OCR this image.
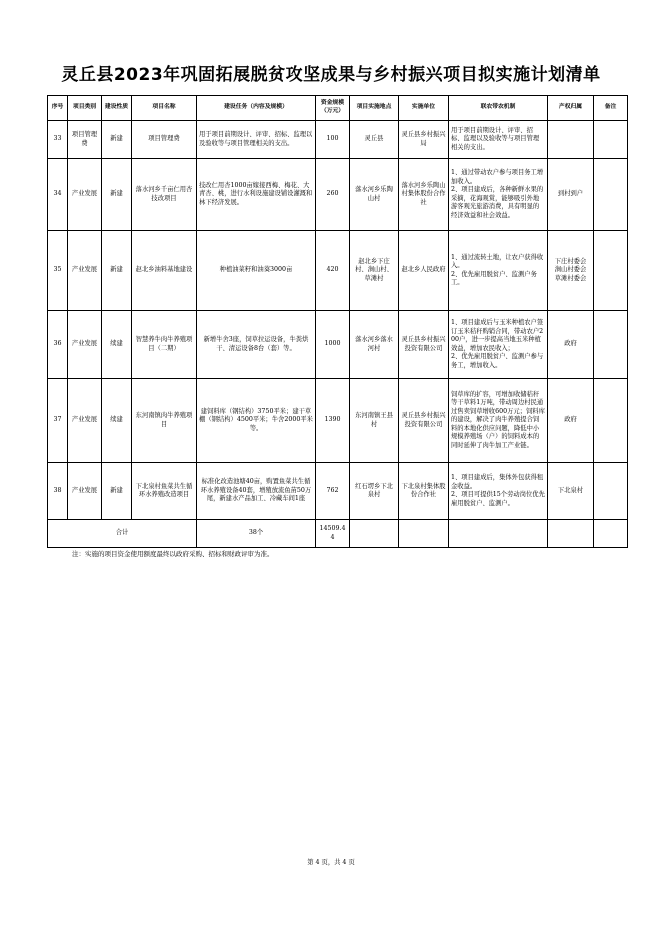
灵丘县2023年巩固拓展脱贫攻坚成果与乡村振兴项目拟实施计划清单
序号	项目类别	建设性质	项目名称	建设任务（内容及规模）	资金规模（万元）	项目实施地点	实施单位	联农带农机制	产权归属	备注
33	项目管理费	新建	项目管理费	用于项目前期设计、评审、招标、监理以及验收等与项目管理相关的支出。	100	灵丘县	灵丘县乡村振兴局	用于项目前期设计、评审、招标、监理以及验收等与项目管理相关的支出。		
34	产业发展	新建	落水河乡千亩仁用杏技改项目	技改仁用杏1000亩嫁接西梅、梅花、大青杏、桃，进行水利设施建设铺设灌溉和林下经济发展。	260	落水河乡乐陶山村	落水河乡乐陶山村集体股份合作社	1、通过带动农户参与项目务工增加收入。
2、项目建成后，各种新鲜水果的采摘，花海观赏，能够吸引外地游客观光旅游消费，具有明显的经济效益和社会效益。	到村到户	
35	产业发展	新建	赵北乡油料基地建设	种植油菜籽和油葵3000亩	420	赵北乡下庄村、涧山村、草滩村	赵北乡人民政府	1、通过流转土地，让农户获得收入。
2、优先雇用脱贫户、监测户务工。	下庄村委会
涧山村委会
草滩村委会	
36	产业发展	续建	智慧养牛肉牛养殖项目（二期）	新增牛舍3座，饲草拉运设备，牛粪烘干、清运设备8台（套）等。	1000	落水河乡落水河村	灵丘县乡村振兴投资有限公司	1、项目建成后与玉米种植农户签订玉米秸秆购销合同，带动农户200户，进一步提高当地玉米种植效益，增加农民收入；
2、优先雇用脱贫户、监测户参与务工，增加收入。	政府	
37	产业发展	续建	东河南镇肉牛养殖项目	建饲料库（钢结构）3750平米；建干草棚（钢结构）4500平米；牛舍2000平米等。	1390	东河南镇王县村	灵丘县乡村振兴投资有限公司	饲草库的扩容，可增加收储秸秆等干草料1万吨，带动周边村民通过售卖饲草增收600万元；饲料库的建设，解决了肉牛养殖提合饲料的本地化供应问题，降低中小规模养殖场（户）的饲料成本的同时延伸了肉牛加工产业链。	政府	
38	产业发展	新建	下北泉村鱼菜共生循环水养殖改造项目	标准化改造池塘40亩，购置鱼菜共生循环水养殖设备40套，增殖放流鱼苗50万尾，新建水产品加工、冷藏车间1座	762	红石塄乡下北泉村	下北泉村集体股份合作社	1、项目建成后，集体外包获得租金收益。
2、项目可提供15个劳动岗位优先雇用脱贫户、监测户。	下北泉村	
合计				38个	14509.44					
注：实施的项目资金使用额度最终以政府采购、招标和财政评审为准。
第 4 页，共 4 页
